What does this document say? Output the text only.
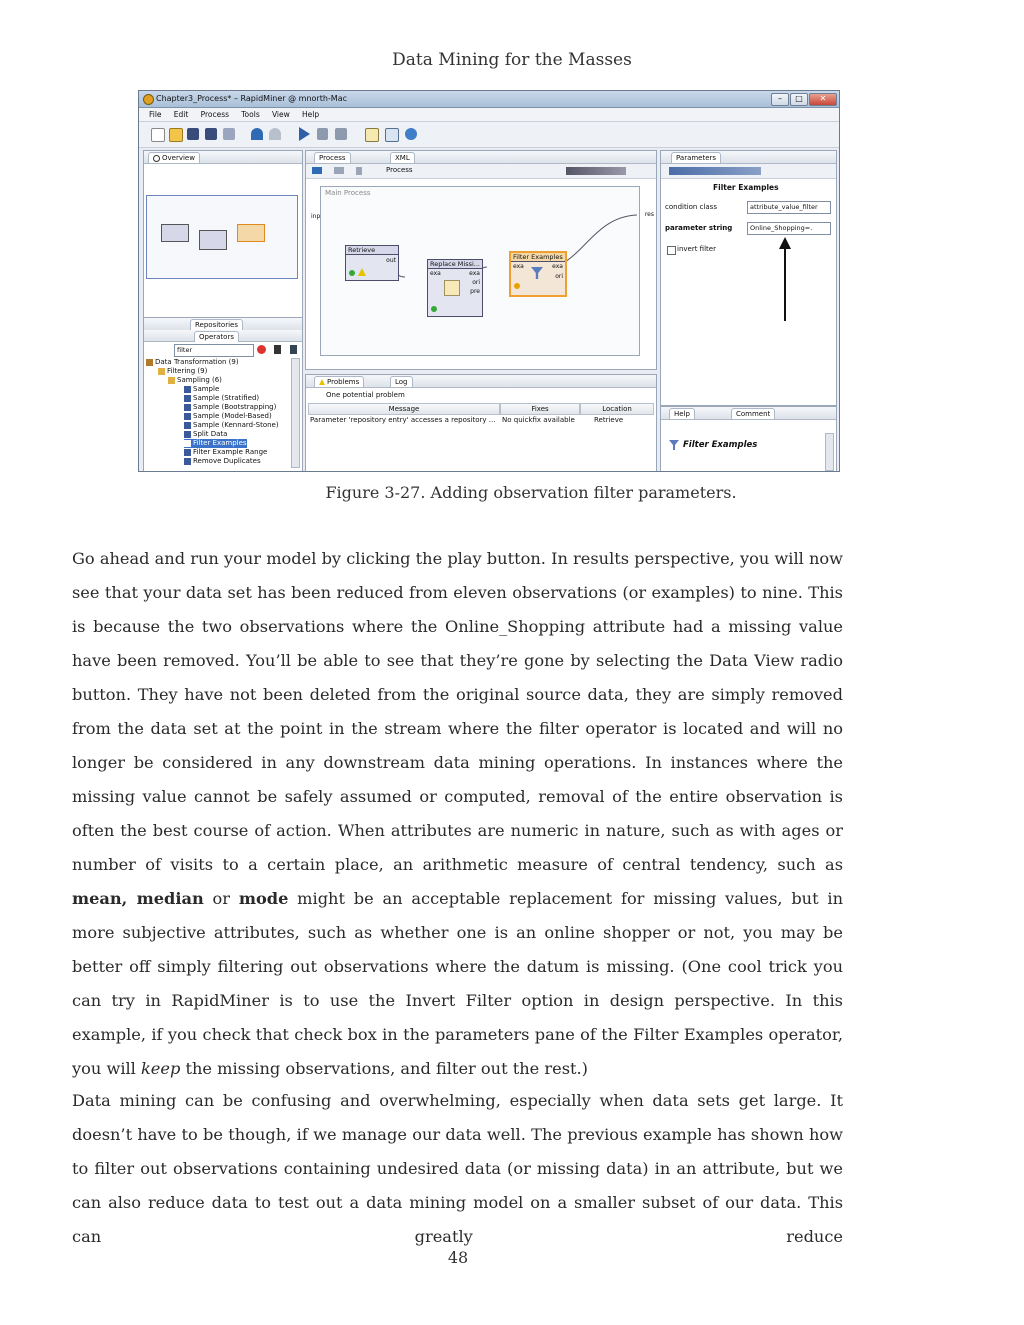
Data Mining for the Masses
Chapter3_Process* – RapidMiner @ mnorth-Mac	–	□	✕
File Edit Process Tools View Help
Overview
Repositories
Operators
filter
Data Transformation (9)
Filtering (9)
Sampling (6)
Sample
Sample (Stratified)
Sample (Bootstrapping)
Sample (Model-Based)
Sample (Kennard-Stone)
Split Data
Filter Examples
Filter Example Range
Remove Duplicates
Process	XML
Process
Main Process
Retrieve
out	Replace Missi...
exa	exa
ori
pre
Filter Examples
exa	exa
ori
inp	res
Problems	Log
One potential problem
Message	Fixes	Location
Parameter 'repository entry' accesses a repository ... No quickfix available	Retrieve
Parameters
Filter Examples
condition class	attribute_value_filter
parameter string	Online_Shopping=.
invert filter
Help	Comment
Filter Examples
Figure 3-27. Adding observation filter parameters.

Go ahead and run your model by clicking the play button. In results perspective, you will now see that your data set has been reduced from eleven observations (or examples) to nine. This is because the two observations where the Online_Shopping attribute had a missing value have been removed. You’ll be able to see that they’re gone by selecting the Data View radio button. They have not been deleted from the original source data, they are simply removed from the data set at the point in the stream where the filter operator is located and will no longer be considered in any downstream data mining operations. In instances where the missing value cannot be safely assumed or computed, removal of the entire observation is often the best course of action. When attributes are numeric in nature, such as with ages or number of visits to a certain place, an arithmetic measure of central tendency, such as mean, median or mode might be an acceptable replacement for missing values, but in more subjective attributes, such as whether one is an online shopper or not, you may be better off simply filtering out observations where the datum is missing. (One cool trick you can try in RapidMiner is to use the Invert Filter option in design perspective. In this example, if you check that check box in the parameters pane of the Filter Examples operator, you will keep the missing observations, and filter out the rest.)

Data mining can be confusing and overwhelming, especially when data sets get large. It doesn’t have to be though, if we manage our data well. The previous example has shown how to filter out observations containing undesired data (or missing data) in an attribute, but we can also reduce data to test out a data mining model on a smaller subset of our data. This can greatly reduce

48
